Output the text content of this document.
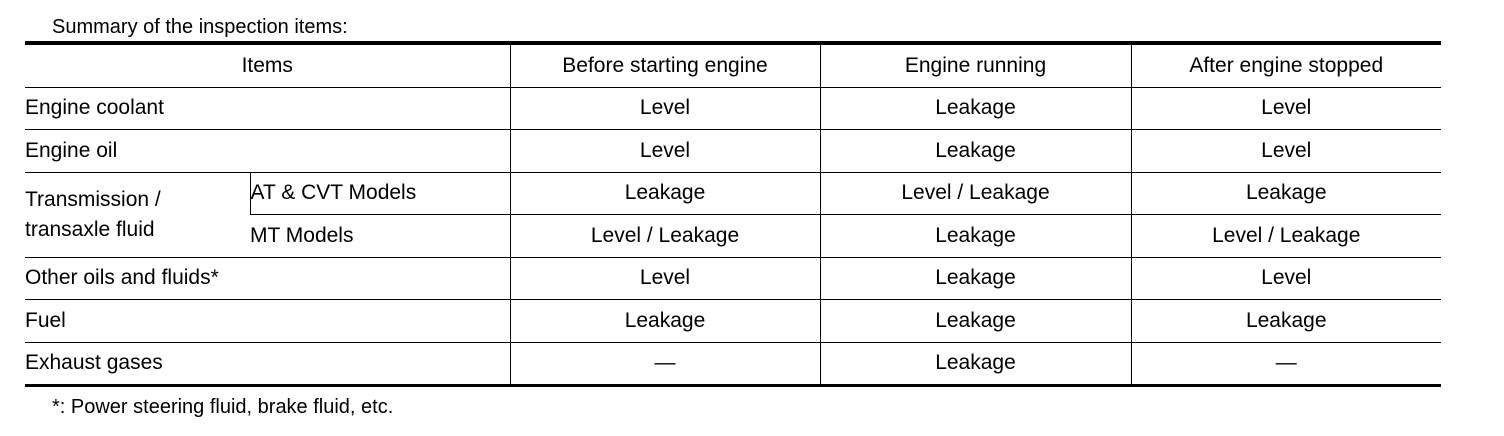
Summary of the inspection items:
Items		Before starting engine	Engine running	After engine stopped
Engine coolant		Level	Leakage	Level
Engine oil		Level	Leakage	Level

Transmission /
transaxle fluid	AT & CVT Models	Leakage	Level / Leakage	Leakage
	MT Models	Level / Leakage	Leakage	Level / Leakage
Other oils and fluids*		Level	Leakage	Level
Fuel		Leakage	Leakage	Leakage
Exhaust gases		—	Leakage	—
*: Power steering fluid, brake fluid, etc.
